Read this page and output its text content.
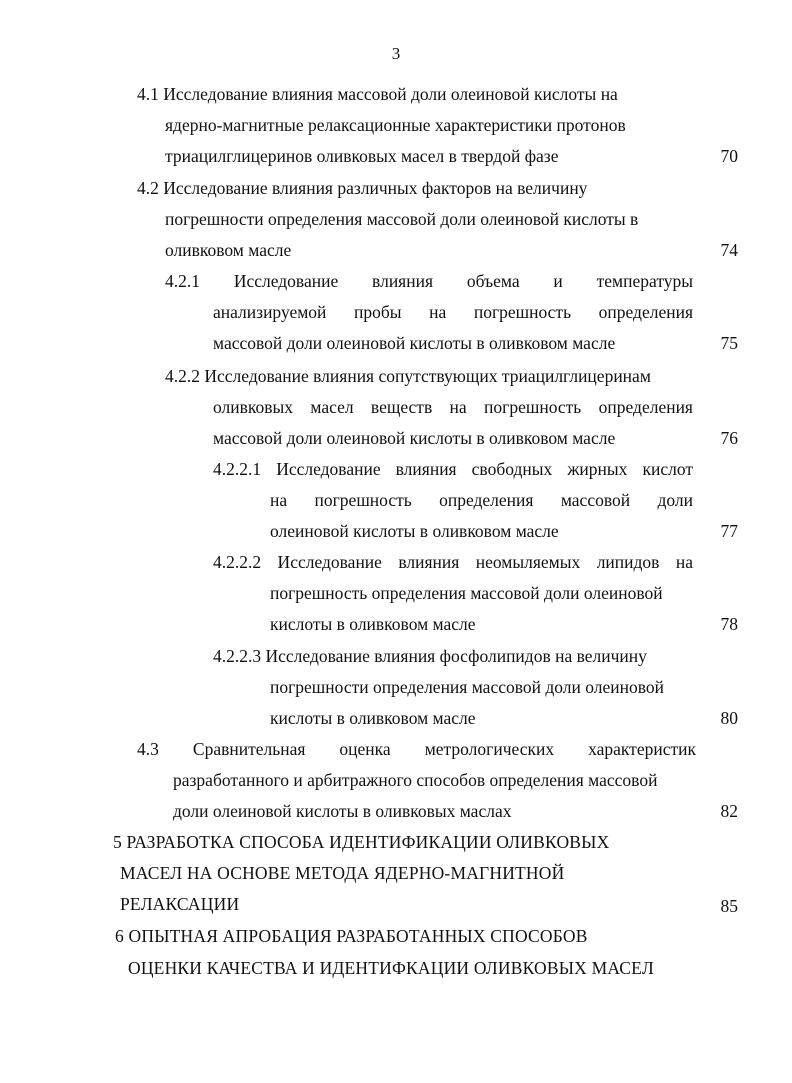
3
4.1 Исследование влияния массовой доли олеиновой кислоты на
ядерно-магнитные релаксационные характеристики протонов
триацилглицеринов оливковых масел в твердой фазе	70
4.2 Исследование влияния различных факторов на величину
погрешности определения массовой доли олеиновой кислоты в
оливковом масле	74
4.2.1 Исследование влияния объема и температуры
анализируемой пробы на погрешность определения
массовой доли олеиновой кислоты в оливковом масле	75
4.2.2 Исследование влияния сопутствующих триацилглицеринам
оливковых масел веществ на погрешность определения
массовой доли олеиновой кислоты в оливковом масле	76
4.2.2.1 Исследование влияния свободных жирных кислот
на погрешность определения массовой доли
олеиновой кислоты в оливковом масле	77
4.2.2.2 Исследование влияния неомыляемых липидов на
погрешность определения массовой доли олеиновой
кислоты в оливковом масле	78
4.2.2.3 Исследование влияния фосфолипидов на величину
погрешности определения массовой доли олеиновой
кислоты в оливковом масле	80
4.3 Сравнительная оценка метрологических характеристик
разработанного и арбитражного способов определения массовой
доли олеиновой кислоты в оливковых маслах	82
5 РАЗРАБОТКА СПОСОБА ИДЕНТИФИКАЦИИ ОЛИВКОВЫХ
МАСЕЛ НА ОСНОВЕ МЕТОДА ЯДЕРНО-МАГНИТНОЙ
РЕЛАКСАЦИИ	85
6 ОПЫТНАЯ АПРОБАЦИЯ РАЗРАБОТАННЫХ СПОСОБОВ
ОЦЕНКИ КАЧЕСТВА И ИДЕНТИФКАЦИИ ОЛИВКОВЫХ МАСЕЛ
